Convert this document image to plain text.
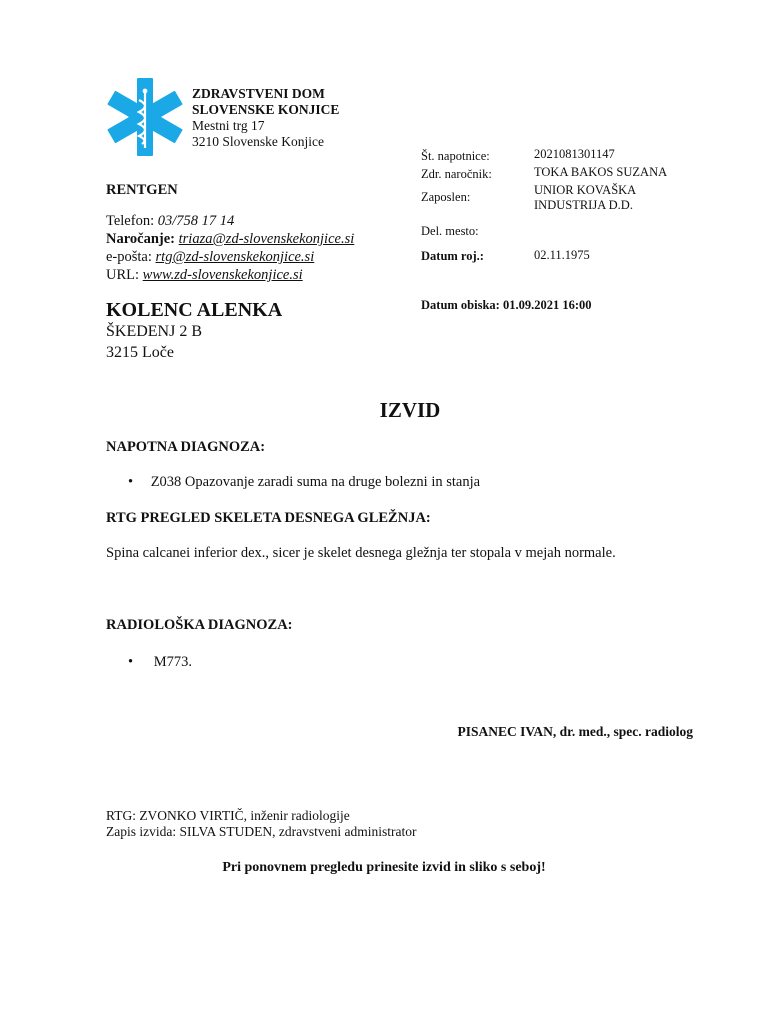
ZDRAVSTVENI DOM
SLOVENSKE KONJICE
Mestni trg 17
3210 Slovenske Konjice
RENTGEN
Telefon: 03/758 17 14
Naročanje: triaza@zd-slovenskekonjice.si
e-pošta: rtg@zd-slovenskekonjice.si
URL: www.zd-slovenskekonjice.si
KOLENC ALENKA
ŠKEDENJ 2 B
3215 Loče
Št. napotnice:	2021081301147
Zdr. naročnik:	TOKA BAKOS SUZANA
Zaposlen:	UNIOR KOVAŠKA INDUSTRIJA D.D.
Del. mesto:
Datum roj.:	02.11.1975
Datum obiska: 01.09.2021 16:00
IZVID
NAPOTNA DIAGNOZA:
• Z038 Opazovanje zaradi suma na druge bolezni in stanja
RTG PREGLED SKELETA DESNEGA GLEŽNJA:
Spina calcanei inferior dex., sicer je skelet desnega gležnja ter stopala v mejah normale.
RADIOLOŠKA DIAGNOZA:
• M773.
PISANEC IVAN, dr. med., spec. radiolog
RTG: ZVONKO VIRTIČ, inženir radiologije
Zapis izvida: SILVA STUDEN, zdravstveni administrator
Pri ponovnem pregledu prinesite izvid in sliko s seboj!
